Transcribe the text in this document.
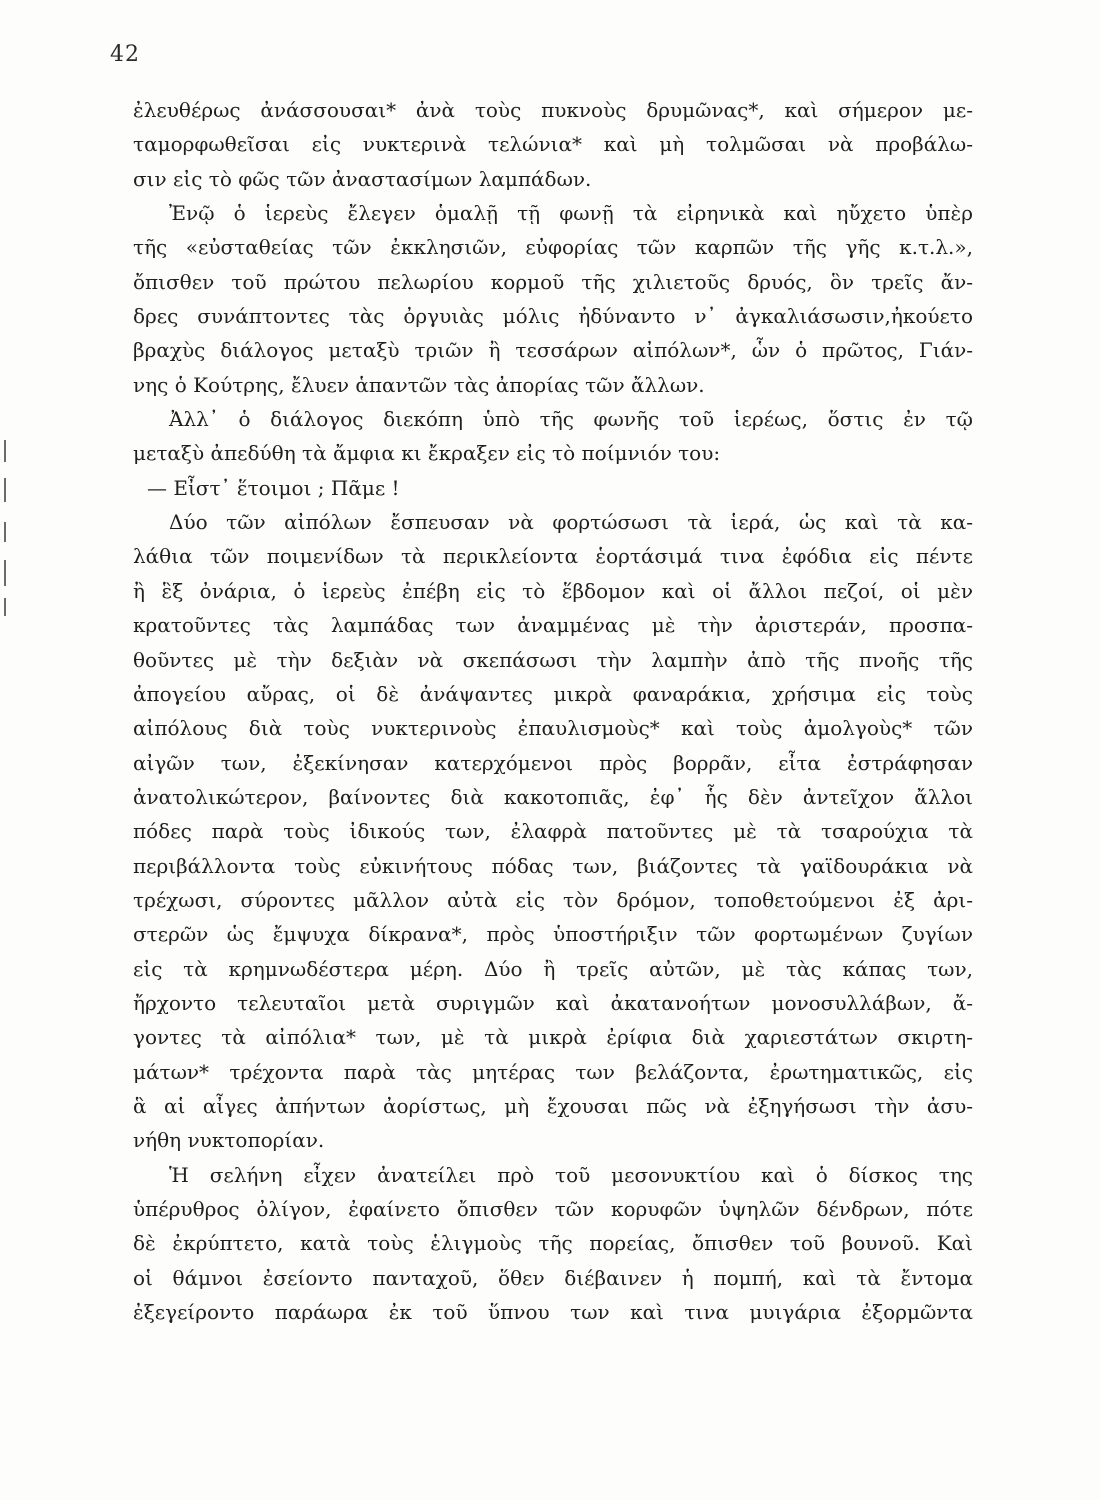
42
ἐλευθέρως ἀνάσσουσαι* ἀνὰ τοὺς πυκνοὺς δρυμῶνας*, καὶ σήμερον με-
ταμορφωθεῖσαι εἰς νυκτερινὰ τελώνια* καὶ μὴ τολμῶσαι νὰ προβάλω-
σιν εἰς τὸ φῶς τῶν ἀναστασίμων λαμπάδων.
Ἐνῷ ὁ ἱερεὺς ἔλεγεν ὁμαλῇ τῇ φωνῇ τὰ εἰρηνικὰ καὶ ηὔχετο ὑπὲρ
τῆς «εὐσταθείας τῶν ἐκκλησιῶν, εὐφορίας τῶν καρπῶν τῆς γῆς κ.τ.λ.»,
ὄπισθεν τοῦ πρώτου πελωρίου κορμοῦ τῆς χιλιετοῦς δρυός, ὃν τρεῖς ἄν-
δρες συνάπτοντες τὰς ὀργυιὰς μόλις ἠδύναντο ν᾿ ἀγκαλιάσωσιν,ἠκούετο
βραχὺς διάλογος μεταξὺ τριῶν ἢ τεσσάρων αἰπόλων*, ὧν ὁ πρῶτος, Γιάν-
νης ὁ Κούτρης, ἔλυεν ἁπαντῶν τὰς ἀπορίας τῶν ἄλλων.
Ἀλλ᾿ ὁ διάλογος διεκόπη ὑπὸ τῆς φωνῆς τοῦ ἱερέως, ὅστις ἐν τῷ
μεταξὺ ἀπεδύθη τὰ ἄμφια κι ἔκραξεν εἰς τὸ ποίμνιόν του:
— Εἶστ᾿ ἕτοιμοι ; Πᾶμε !
Δύο τῶν αἰπόλων ἔσπευσαν νὰ φορτώσωσι τὰ ἱερά, ὡς καὶ τὰ κα-
λάθια τῶν ποιμενίδων τὰ περικλείοντα ἑορτάσιμά τινα ἐφόδια εἰς πέντε
ἢ ἓξ ὀνάρια, ὁ ἱερεὺς ἐπέβη εἰς τὸ ἕβδομον καὶ οἱ ἄλλοι πεζοί, οἱ μὲν
κρατοῦντες τὰς λαμπάδας των ἀναμμένας μὲ τὴν ἀριστεράν, προσπα-
θοῦντες μὲ τὴν δεξιὰν νὰ σκεπάσωσι τὴν λαμπὴν ἀπὸ τῆς πνοῆς τῆς
ἀπογείου αὔρας, οἱ δὲ ἀνάψαντες μικρὰ φαναράκια, χρήσιμα εἰς τοὺς
αἰπόλους διὰ τοὺς νυκτερινοὺς ἐπαυλισμοὺς* καὶ τοὺς ἀμολγοὺς* τῶν
αἰγῶν των, ἐξεκίνησαν κατερχόμενοι πρὸς βορρᾶν, εἶτα ἐστράφησαν
ἀνατολικώτερον, βαίνοντες διὰ κακοτοπιᾶς, ἐφ᾿ ἧς δὲν ἀντεῖχον ἄλλοι
πόδες παρὰ τοὺς ἰδικούς των, ἐλαφρὰ πατοῦντες μὲ τὰ τσαρούχια τὰ
περιβάλλοντα τοὺς εὐκινήτους πόδας των, βιάζοντες τὰ γαϊδουράκια νὰ
τρέχωσι, σύροντες μᾶλλον αὐτὰ εἰς τὸν δρόμον, τοποθετούμενοι ἐξ ἀρι-
στερῶν ὡς ἔμψυχα δίκρανα*, πρὸς ὑποστήριξιν τῶν φορτωμένων ζυγίων
εἰς τὰ κρημνωδέστερα μέρη. Δύο ἢ τρεῖς αὐτῶν, μὲ τὰς κάπας των,
ἤρχοντο τελευταῖοι μετὰ συριγμῶν καὶ ἀκατανοήτων μονοσυλλάβων, ἄ-
γοντες τὰ αἰπόλια* των, μὲ τὰ μικρὰ ἐρίφια διὰ χαριεστάτων σκιρτη-
μάτων* τρέχοντα παρὰ τὰς μητέρας των βελάζοντα, ἐρωτηματικῶς, εἰς
ἃ αἱ αἶγες ἀπήντων ἀορίστως, μὴ ἔχουσαι πῶς νὰ ἐξηγήσωσι τὴν ἀσυ-
νήθη νυκτοπορίαν.
Ἡ σελήνη εἶχεν ἀνατείλει πρὸ τοῦ μεσονυκτίου καὶ ὁ δίσκος της
ὑπέρυθρος ὀλίγον, ἐφαίνετο ὄπισθεν τῶν κορυφῶν ὑψηλῶν δένδρων, πότε
δὲ ἐκρύπτετο, κατὰ τοὺς ἑλιγμοὺς τῆς πορείας, ὄπισθεν τοῦ βουνοῦ. Καὶ
οἱ θάμνοι ἐσείοντο πανταχοῦ, ὅθεν διέβαινεν ἡ πομπή, καὶ τὰ ἔντομα
ἐξεγείροντο παράωρα ἐκ τοῦ ὕπνου των καὶ τινα μυιγάρια ἐξορμῶντα
